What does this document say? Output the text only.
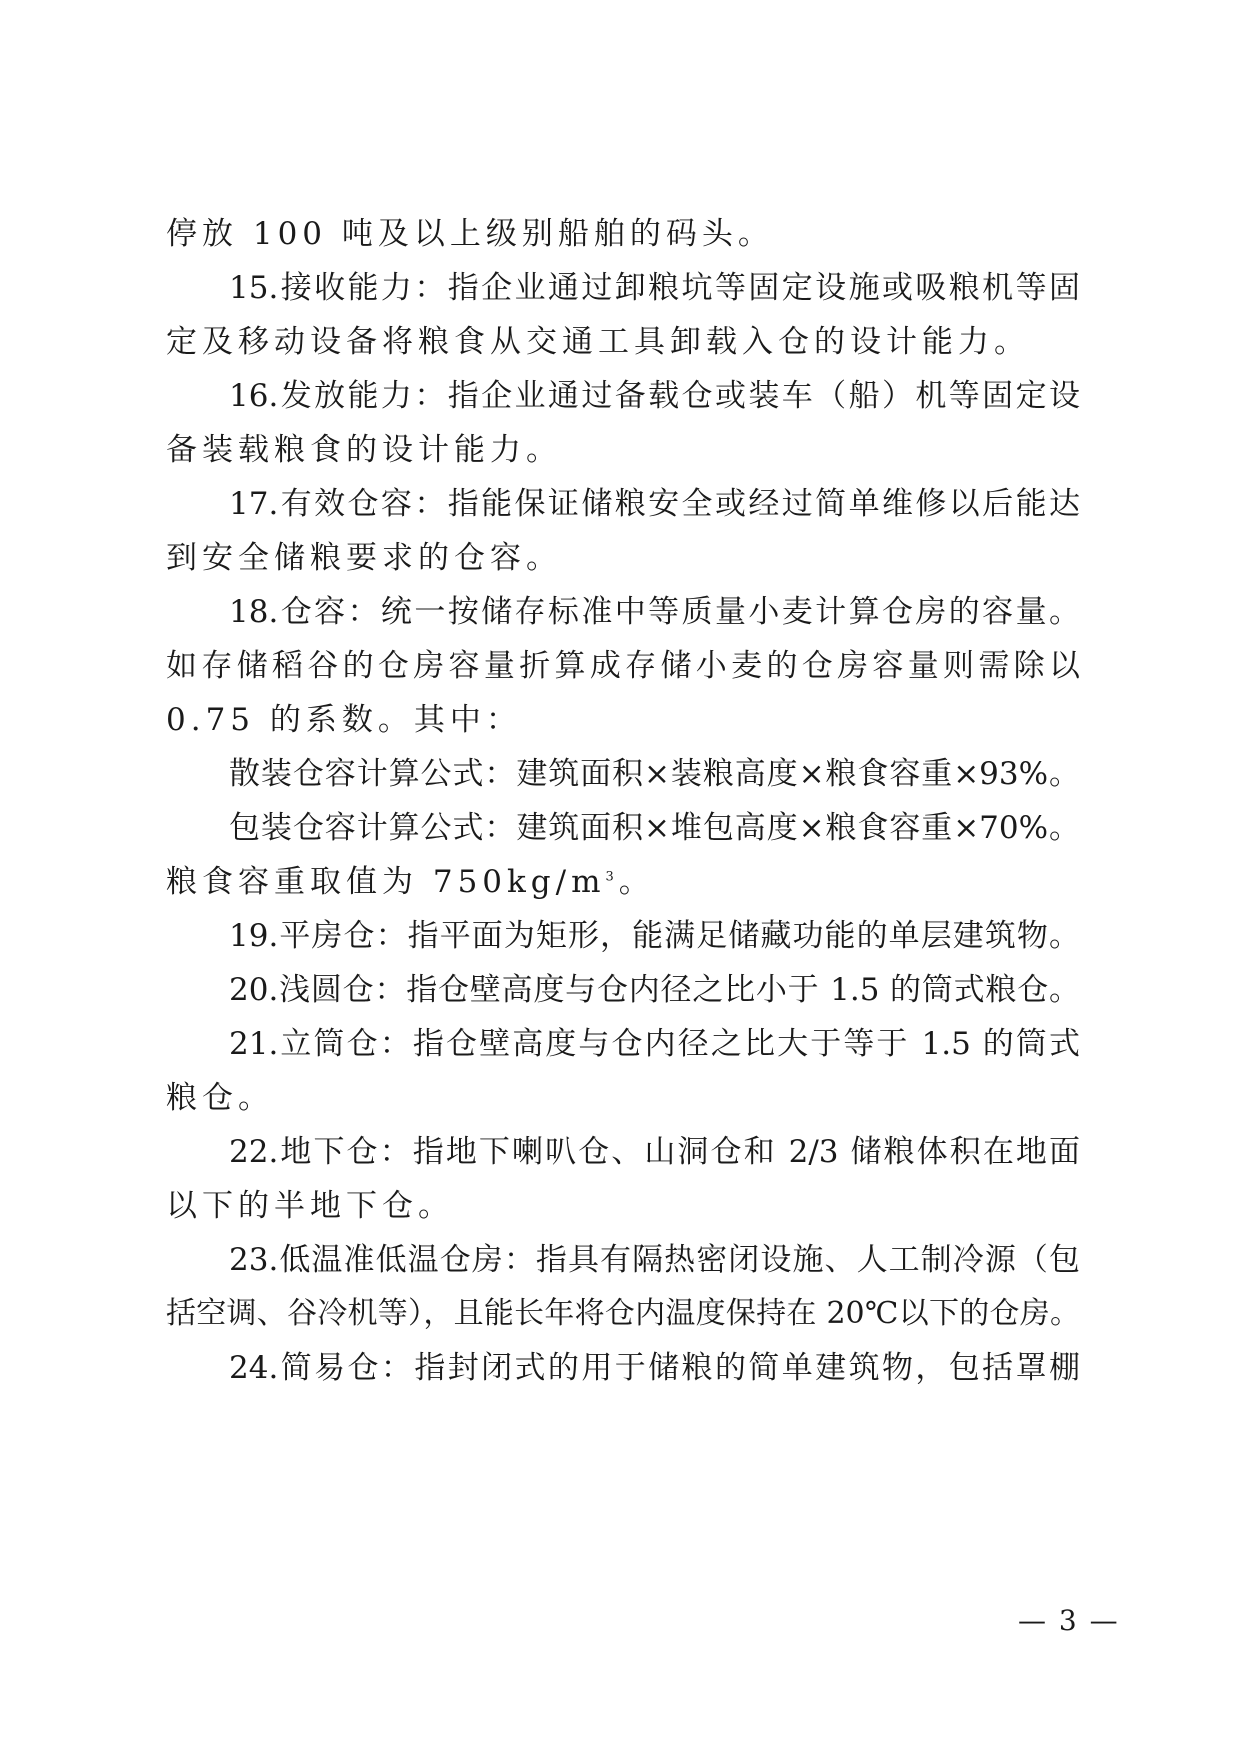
停放 100 吨及以上级别船舶的码头。
15.接收能力：指企业通过卸粮坑等固定设施或吸粮机等固
定及移动设备将粮食从交通工具卸载入仓的设计能力。
16.发放能力：指企业通过备载仓或装车（船）机等固定设
备装载粮食的设计能力。
17.有效仓容：指能保证储粮安全或经过简单维修以后能达
到安全储粮要求的仓容。
18.仓容：统一按储存标准中等质量小麦计算仓房的容量。
如存储稻谷的仓房容量折算成存储小麦的仓房容量则需除以
0.75 的系数。其中：
散装仓容计算公式：建筑面积×装粮高度×粮食容重×93%。
包装仓容计算公式：建筑面积×堆包高度×粮食容重×70%。
粮食容重取值为 $750kg/m^3$。
19.平房仓：指平面为矩形，能满足储藏功能的单层建筑物。
20.浅圆仓：指仓壁高度与仓内径之比小于 1.5 的筒式粮仓。
21.立筒仓：指仓壁高度与仓内径之比大于等于 1.5 的筒式
粮仓。
22.地下仓：指地下喇叭仓、山洞仓和 2/3 储粮体积在地面
以下的半地下仓。
23.低温准低温仓房：指具有隔热密闭设施、人工制冷源（包
括空调、谷冷机等），且能长年将仓内温度保持在 20℃以下的仓房。
24.简易仓：指封闭式的用于储粮的简单建筑物，包括罩棚
— 3 —
